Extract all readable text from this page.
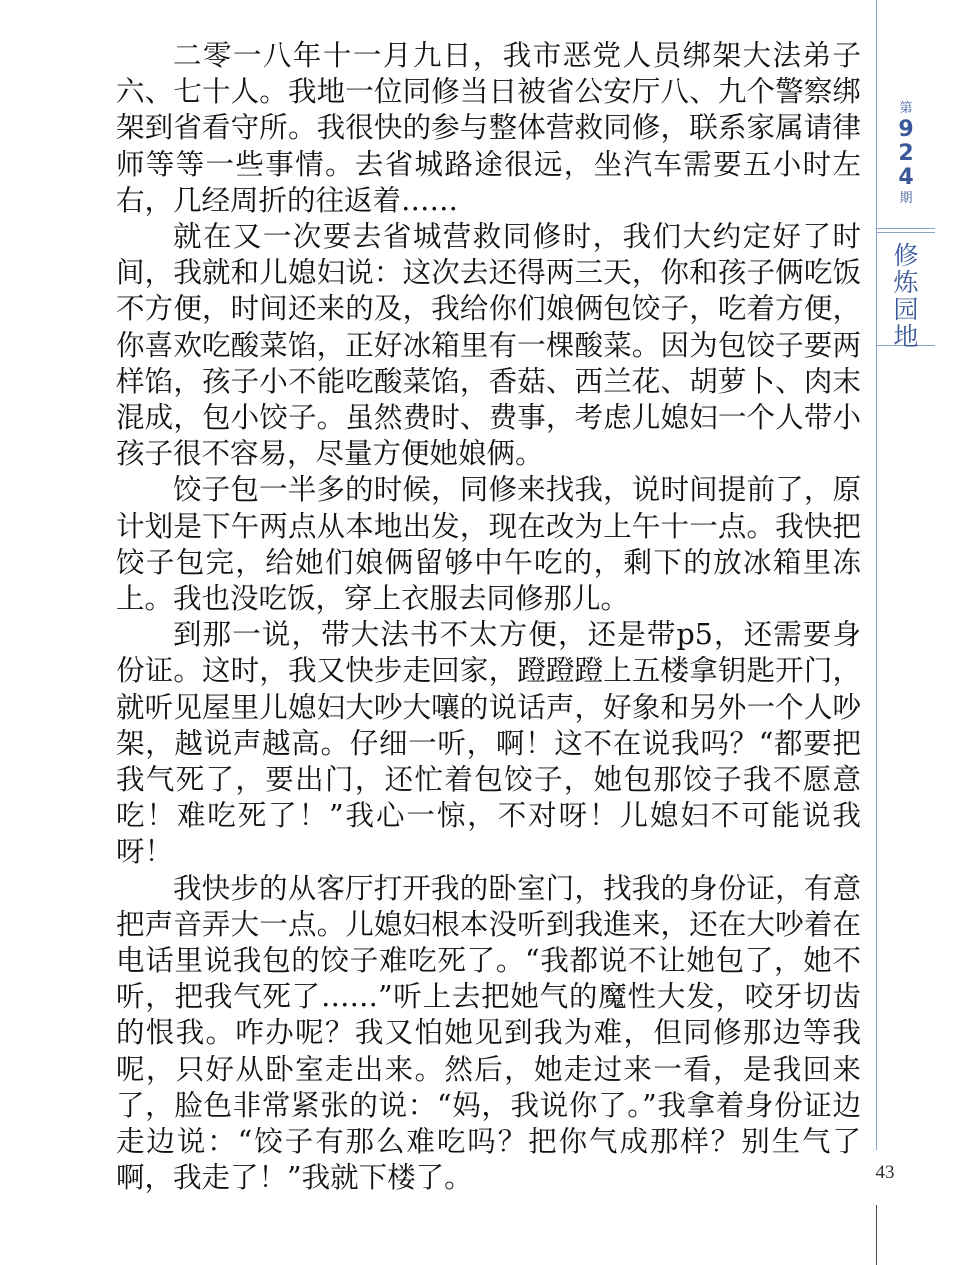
第
9
2
4
期
修
炼
园
地

二零一八年十一月九日，我市恶党人员绑架大法弟子六、七十人。我地一位同修当日被省公安厅八、九个警察绑架到省看守所。我很快的参与整体营救同修，联系家属请律师等等一些事情。去省城路途很远，坐汽车需要五小时左右，几经周折的往返着……

就在又一次要去省城营救同修时，我们大约定好了时间，我就和儿媳妇说：这次去还得两三天，你和孩子俩吃饭不方便，时间还来的及，我给你们娘俩包饺子，吃着方便，你喜欢吃酸菜馅，正好冰箱里有一棵酸菜。因为包饺子要两样馅，孩子小不能吃酸菜馅，香菇、西兰花、胡萝卜、肉末混成，包小饺子。虽然费时、费事，考虑儿媳妇一个人带小孩子很不容易，尽量方便她娘俩。

饺子包一半多的时候，同修来找我，说时间提前了，原计划是下午两点从本地出发，现在改为上午十一点。我快把饺子包完，给她们娘俩留够中午吃的，剩下的放冰箱里冻上。我也没吃饭，穿上衣服去同修那儿。

到那一说，带大法书不太方便，还是带p5，还需要身份证。这时，我又快步走回家，蹬蹬蹬上五楼拿钥匙开门，就听见屋里儿媳妇大吵大嚷的说话声，好象和另外一个人吵架，越说声越高。仔细一听，啊！这不在说我吗？“都要把我气死了，要出门，还忙着包饺子，她包那饺子我不愿意吃！难吃死了！”我心一惊，不对呀！儿媳妇不可能说我呀！

我快步的从客厅打开我的卧室门，找我的身份证，有意把声音弄大一点。儿媳妇根本没听到我進来，还在大吵着在电话里说我包的饺子难吃死了。“我都说不让她包了，她不听，把我气死了……”听上去把她气的魔性大发，咬牙切齿的恨我。咋办呢？我又怕她见到我为难，但同修那边等我呢，只好从卧室走出来。然后，她走过来一看，是我回来了，脸色非常紧张的说：“妈，我说你了。”我拿着身份证边走边说：“饺子有那么难吃吗？把你气成那样？别生气了啊，我走了！”我就下楼了。	43
